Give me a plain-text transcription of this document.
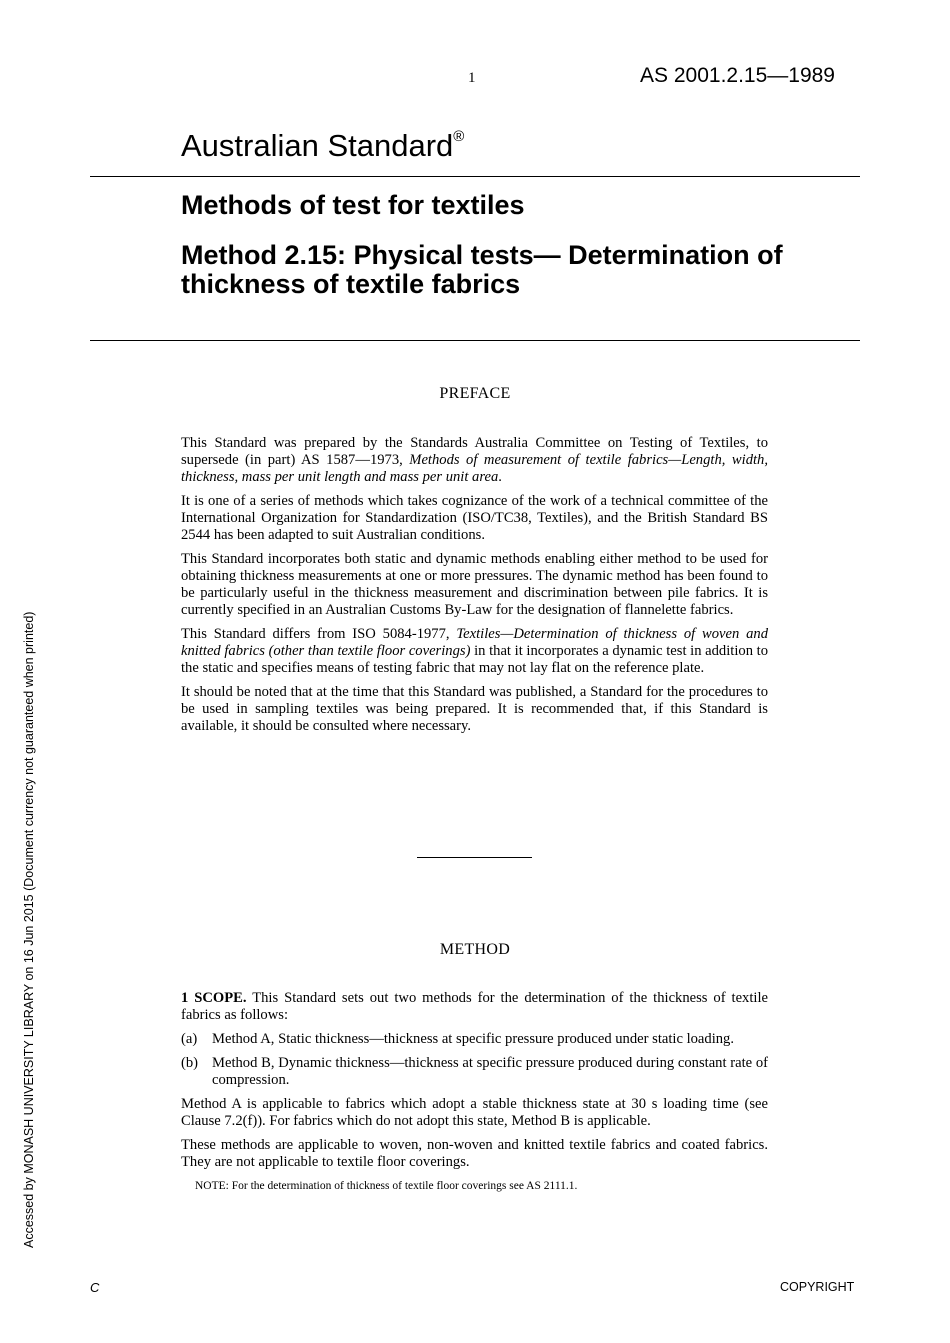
1	AS 2001.2.15—1989
Australian Standard®
Methods of test for textiles
Method 2.15: Physical tests— Determination of thickness of textile fabrics
PREFACE

This Standard was prepared by the Standards Australia Committee on Testing of Textiles, to supersede (in part) AS 1587—1973, Methods of measurement of textile fabrics—Length, width, thickness, mass per unit length and mass per unit area.

It is one of a series of methods which takes cognizance of the work of a technical committee of the International Organization for Standardization (ISO/TC38, Textiles), and the British Standard BS 2544 has been adapted to suit Australian conditions.

This Standard incorporates both static and dynamic methods enabling either method to be used for obtaining thickness measurements at one or more pressures. The dynamic method has been found to be particularly useful in the thickness measurement and discrimination between pile fabrics. It is currently specified in an Australian Customs By-Law for the designation of flannelette fabrics.

This Standard differs from ISO 5084-1977, Textiles—Determination of thickness of woven and knitted fabrics (other than textile floor coverings) in that it incorporates a dynamic test in addition to the static and specifies means of testing fabric that may not lay flat on the reference plate.

It should be noted that at the time that this Standard was published, a Standard for the procedures to be used in sampling textiles was being prepared. It is recommended that, if this Standard is available, it should be consulted where necessary.

METHOD

1 SCOPE. This Standard sets out two methods for the determination of the thickness of textile fabrics as follows:

(a)	Method A, Static thickness—thickness at specific pressure produced under static loading.
(b) Method B, Dynamic thickness—thickness at specific pressure produced during constant rate of compression.

Method A is applicable to fabrics which adopt a stable thickness state at 30 s loading time (see Clause 7.2(f)). For fabrics which do not adopt this state, Method B is applicable.

These methods are applicable to woven, non-woven and knitted textile fabrics and coated fabrics. They are not applicable to textile floor coverings.

NOTE: For the determination of thickness of textile floor coverings see AS 2111.1.
Accessed by MONASH UNIVERSITY LIBRARY on 16 Jun 2015 (Document currency not guaranteed when printed)
C	COPYRIGHT
